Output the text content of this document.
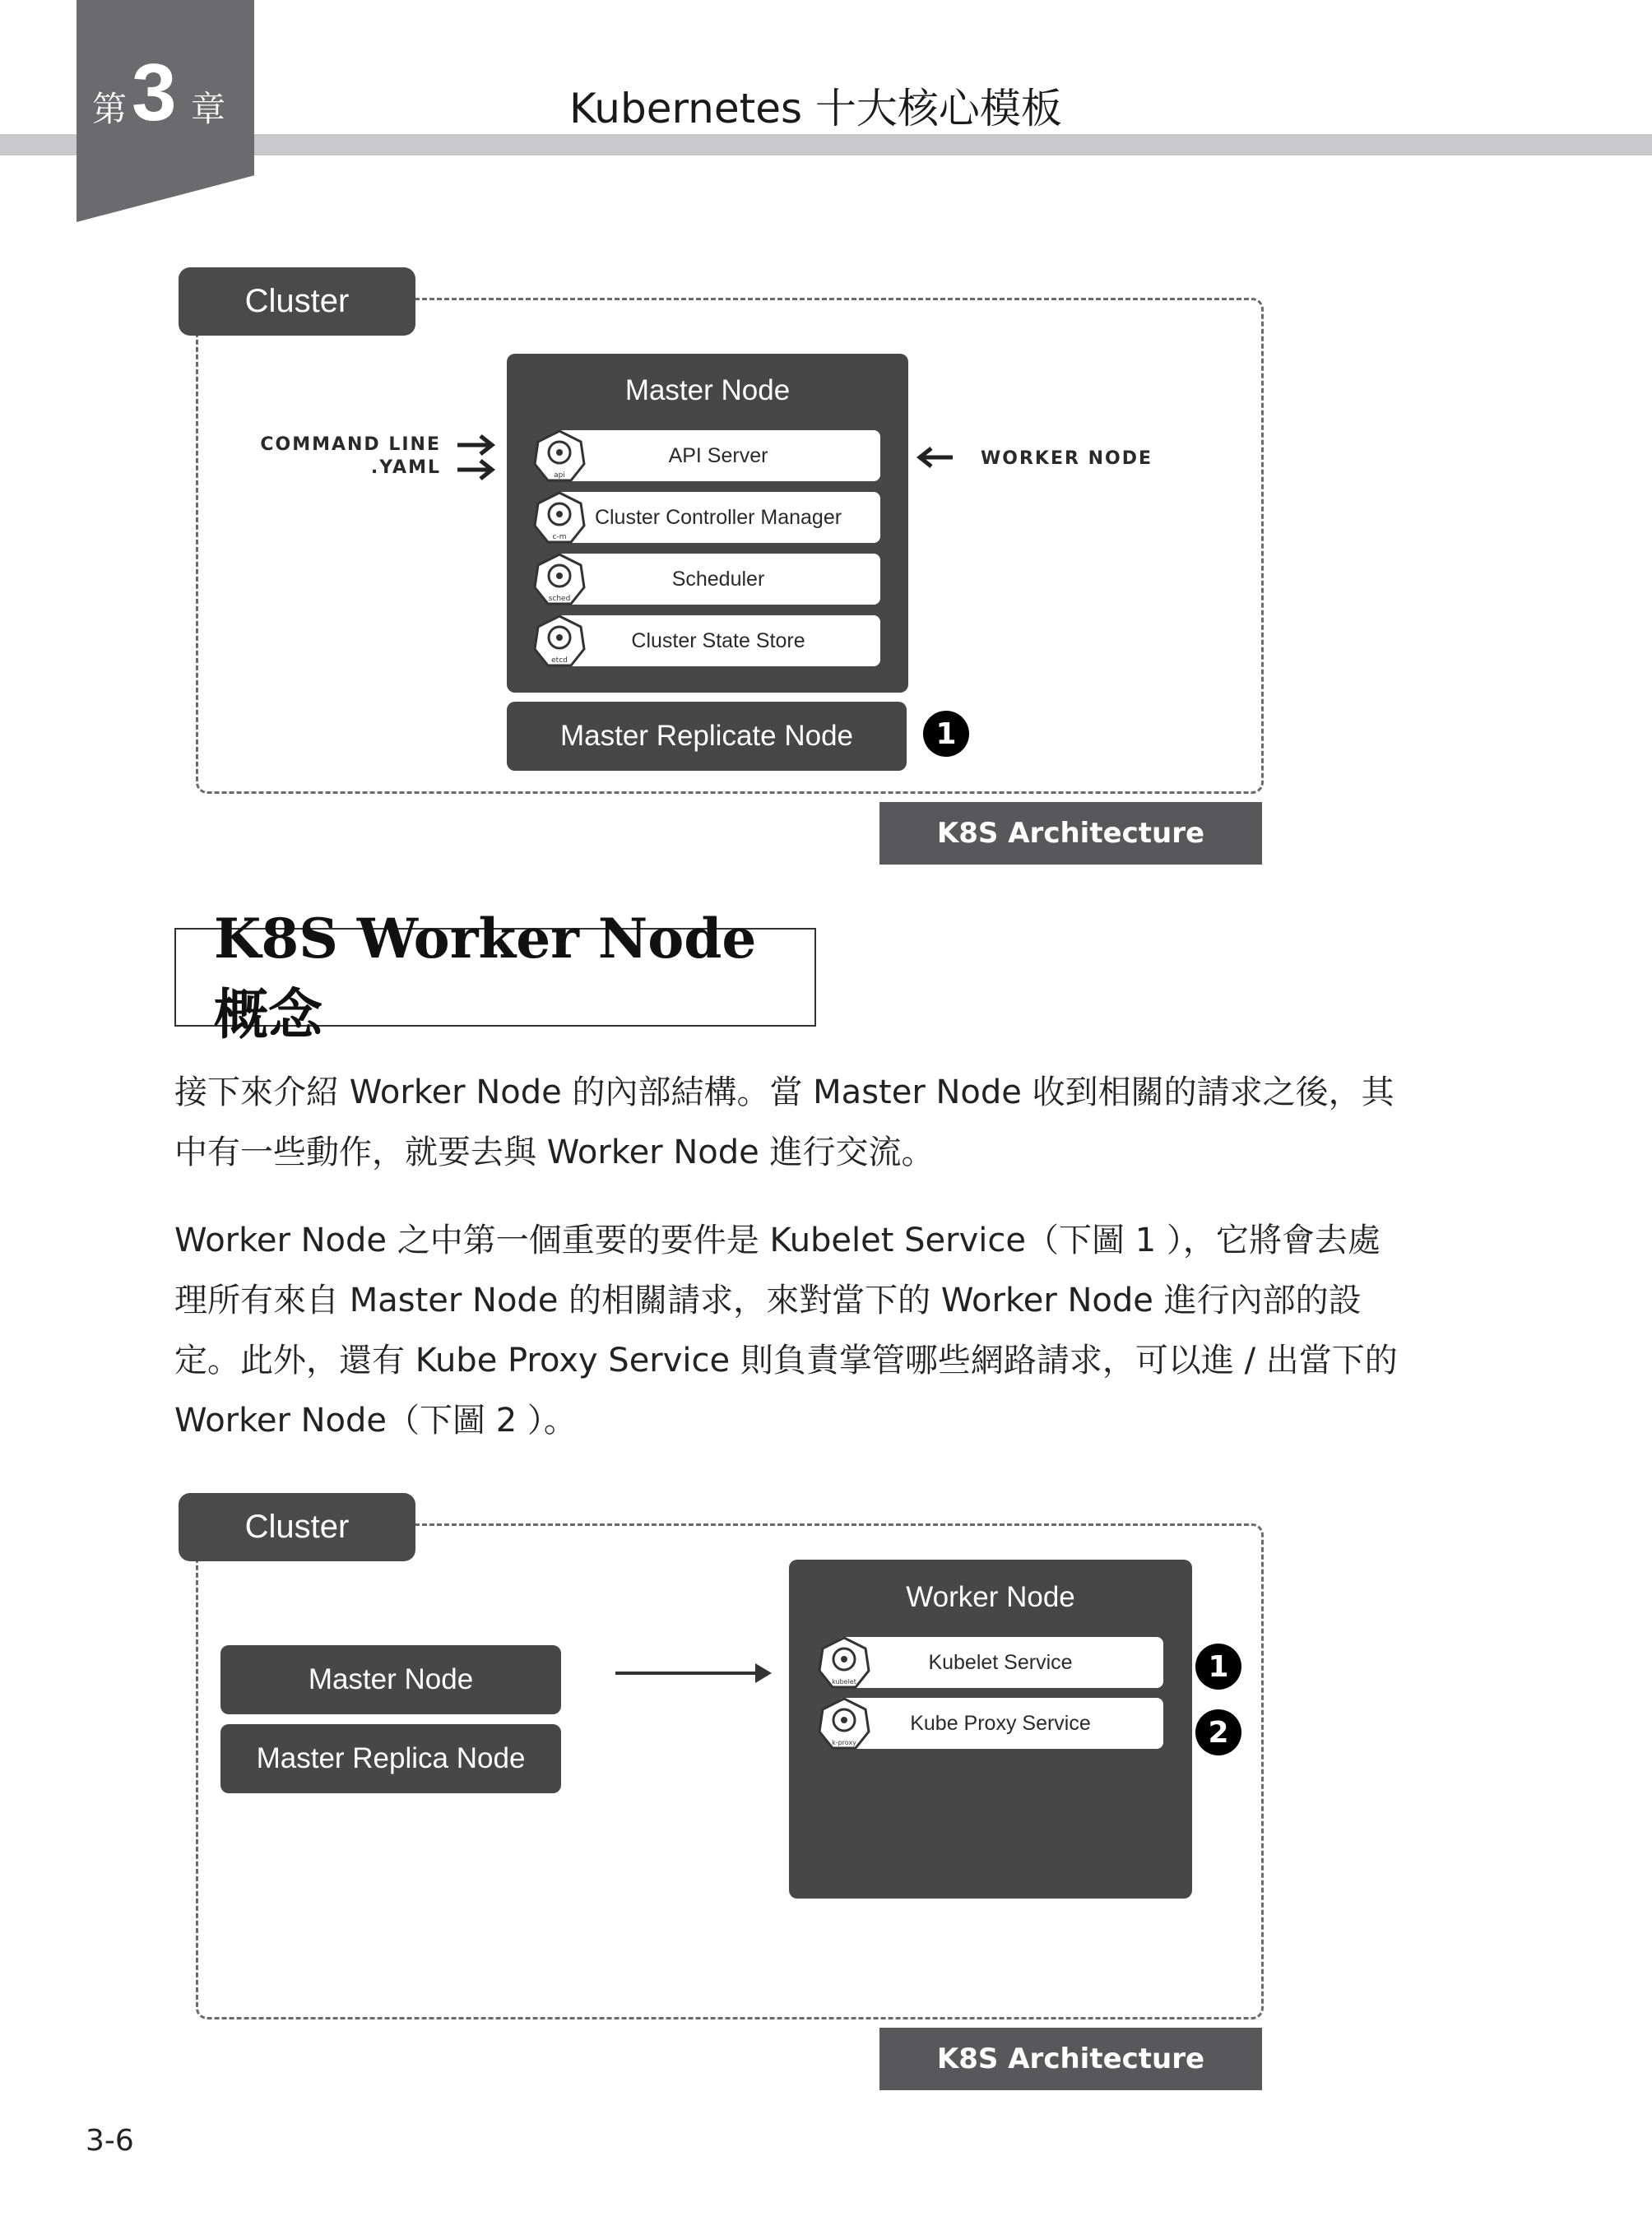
第 3 章	Kubernetes 十大核心模板
Cluster
COMMAND LINE
.YAML
Master Node
API Server
Cluster Controller Manager
Scheduler
Cluster State Store
api
c-m
sched
etcd
WORKER NODE
Master Replicate Node	1
K8S Architecture
K8S Worker Node 概念
接下來介紹 Worker Node 的內部結構。當 Master Node 收到相關的請求之後，其
中有一些動作，就要去與 Worker Node 進行交流。
Worker Node 之中第一個重要的要件是 Kubelet Service（下圖 1 ），它將會去處
理所有來自 Master Node 的相關請求，來對當下的 Worker Node 進行內部的設
定。此外，還有 Kube Proxy Service 則負責掌管哪些網路請求，可以進 / 出當下的
Worker Node（下圖 2 ）。
Cluster
Master Node
Master Replica Node
Worker Node
Kubelet Service
Kube Proxy Service
kubelet
k-proxy
1
2
K8S Architecture
3-6
